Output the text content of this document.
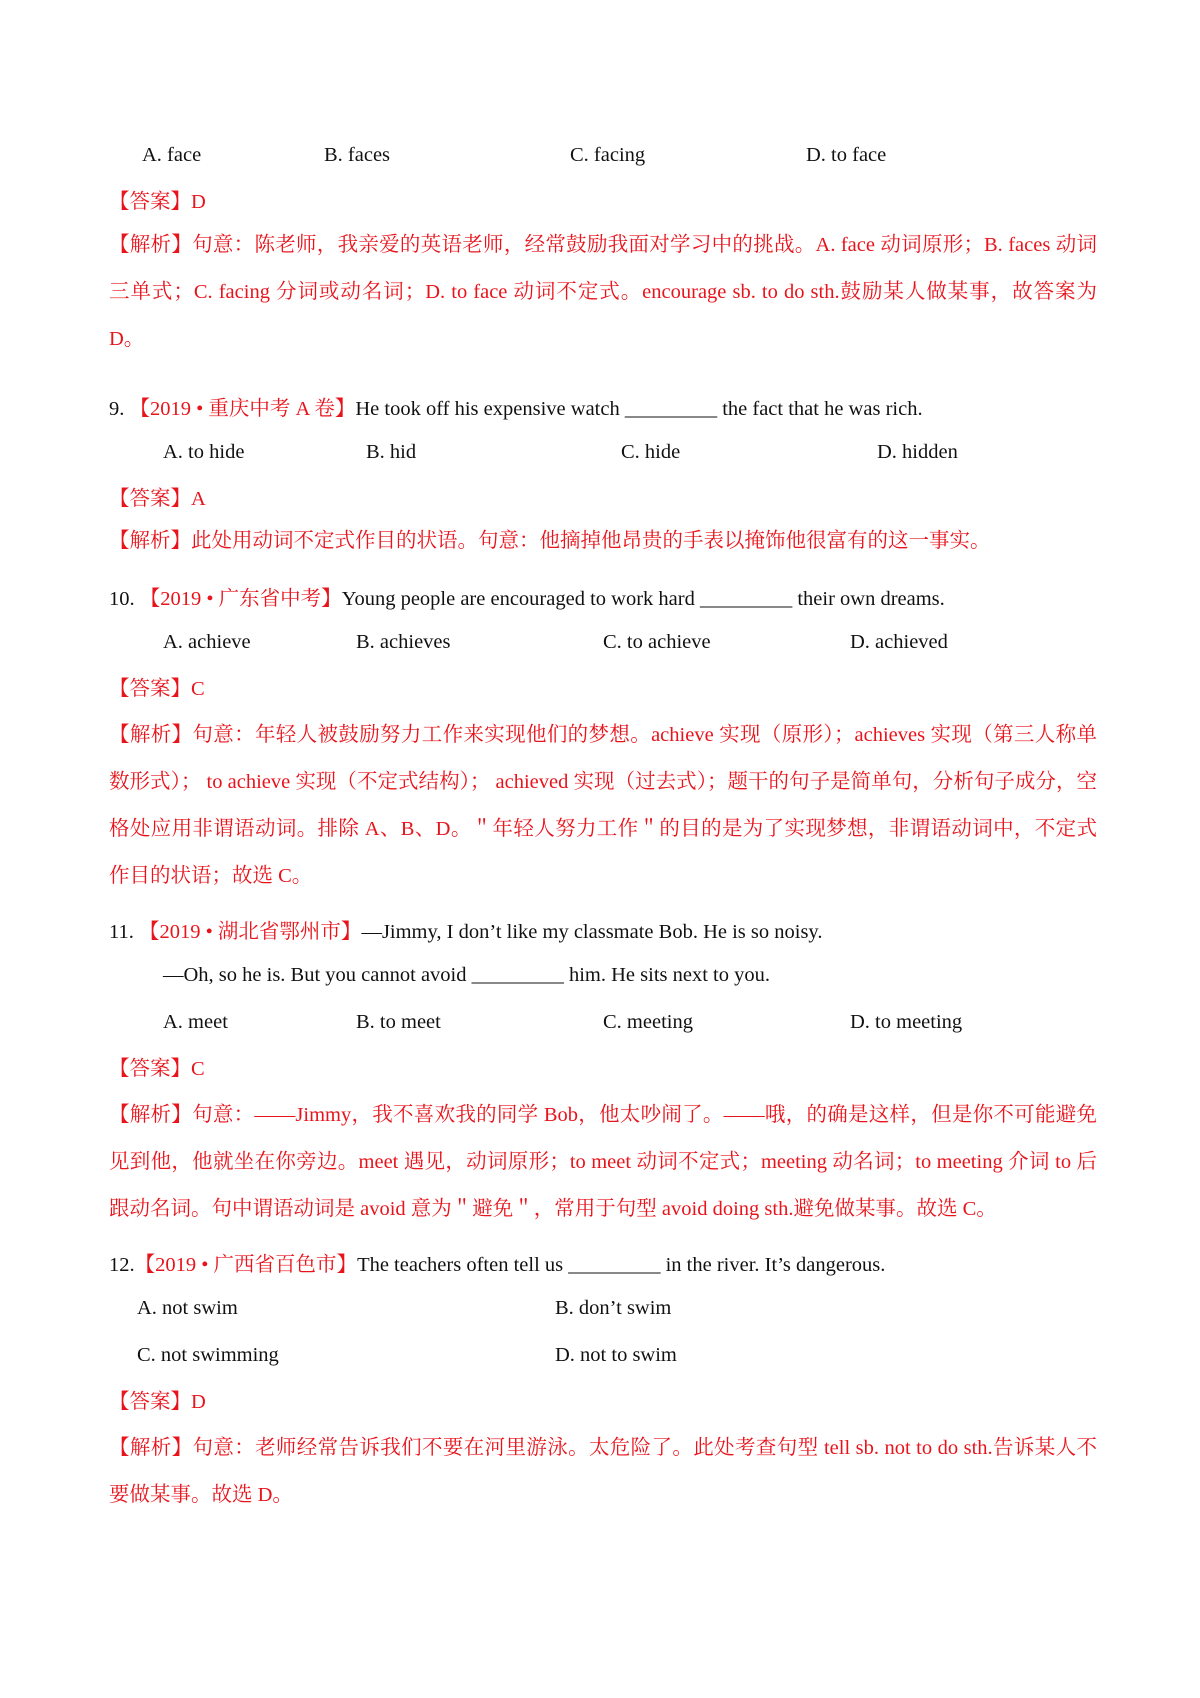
A. face	B. faces	C. facing	D. to face
【答案】D
【解析】句意：陈老师，我亲爱的英语老师，经常鼓励我面对学习中的挑战。A. face 动词原形；B. faces 动词三单式；C. facing 分词或动名词；D. to face 动词不定式。encourage sb. to do sth.鼓励某人做某事，故答案为 D。
9. 【2019 • 重庆中考 A 卷】He took off his expensive watch _________ the fact that he was rich.
A. to hide	B. hid	C. hide	D. hidden
【答案】A
【解析】此处用动词不定式作目的状语。句意：他摘掉他昂贵的手表以掩饰他很富有的这一事实。
10. 【2019 • 广东省中考】Young people are encouraged to work hard _________ their own dreams.
A. achieve	B. achieves	C. to achieve	D. achieved
【答案】C
【解析】句意：年轻人被鼓励努力工作来实现他们的梦想。achieve 实现（原形）；achieves 实现（第三人称单数形式）； to achieve 实现（不定式结构）； achieved 实现（过去式）；题干的句子是简单句，分析句子成分，空格处应用非谓语动词。排除 A、B、D。＂年轻人努力工作＂的目的是为了实现梦想，非谓语动词中，不定式作目的状语；故选 C。
11. 【2019 • 湖北省鄂州市】—Jimmy, I don’t like my classmate Bob. He is so noisy.
—Oh, so he is. But you cannot avoid _________ him. He sits next to you.
A. meet	B. to meet	C. meeting	D. to meeting
【答案】C
【解析】句意：——Jimmy，我不喜欢我的同学 Bob，他太吵闹了。——哦，的确是这样，但是你不可能避免见到他，他就坐在你旁边。meet 遇见，动词原形；to meet 动词不定式；meeting 动名词；to meeting 介词 to 后跟动名词。句中谓语动词是 avoid 意为＂避免＂，常用于句型 avoid doing sth.避免做某事。故选 C。
12.【2019 • 广西省百色市】The teachers often tell us _________ in the river. It’s dangerous.
A. not swim	B. don’t swim
C. not swimming	D. not to swim
【答案】D
【解析】句意：老师经常告诉我们不要在河里游泳。太危险了。此处考查句型 tell sb. not to do sth.告诉某人不要做某事。故选 D。
